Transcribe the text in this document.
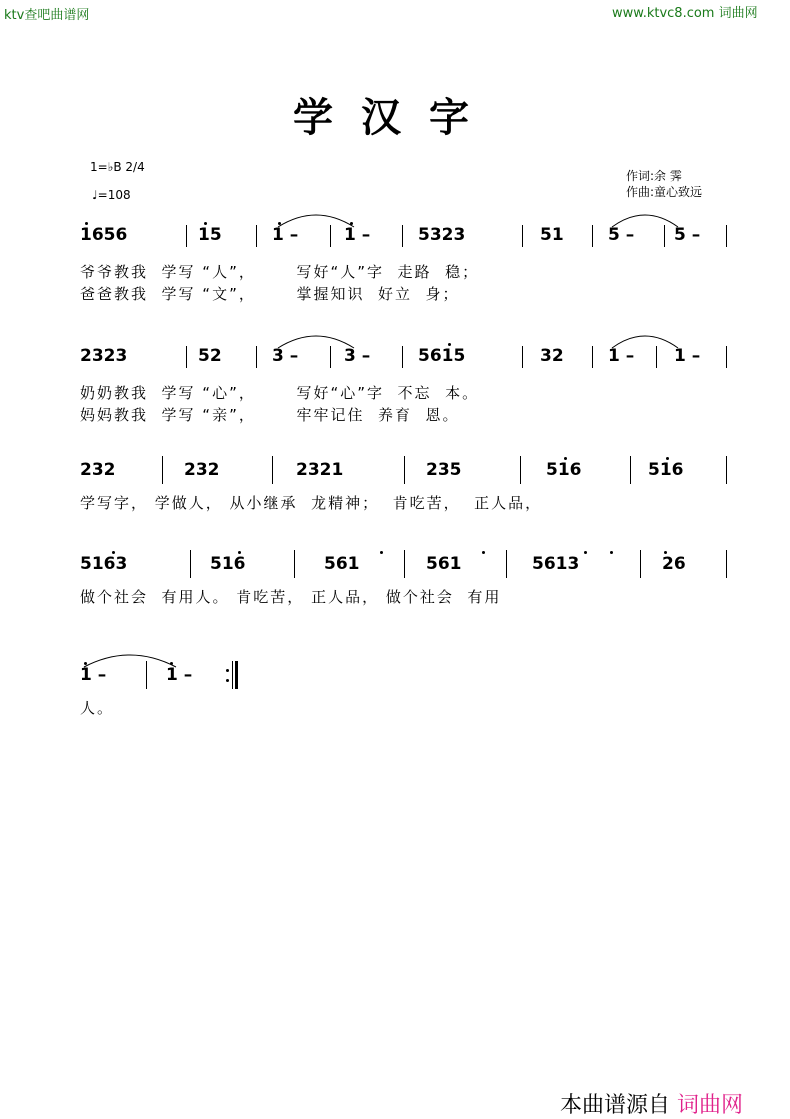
ktv查吧曲谱网	www.ktvc8.com 词曲网
学汉字
1=♭B 2/4
♩=108
作词:余 霁
作曲:童心致远
1656	15	1 –	1 –	5323	51	5 – 5 –
爷爷教我  学写 “人”，      写好“人”字  走路  稳；
爸爸教我  学写 “文”，      掌握知识  好立  身；
2323	52	3 –	3 –	5615	32	1 – 1 –
奶奶教我  学写 “心”，      写好“心”字  不忘  本。
妈妈教我  学写 “亲”，      牢牢记住  养育  恩。
232	232	2321	235	516	516
学写字， 学做人， 从小继承  龙精神；  肯吃苦，  正人品，
5163	516	561	561	5613	26
做个社会  有用人。 肯吃苦， 正人品， 做个社会  有用
1 –	1 –
人。
本曲谱源自 词曲网
